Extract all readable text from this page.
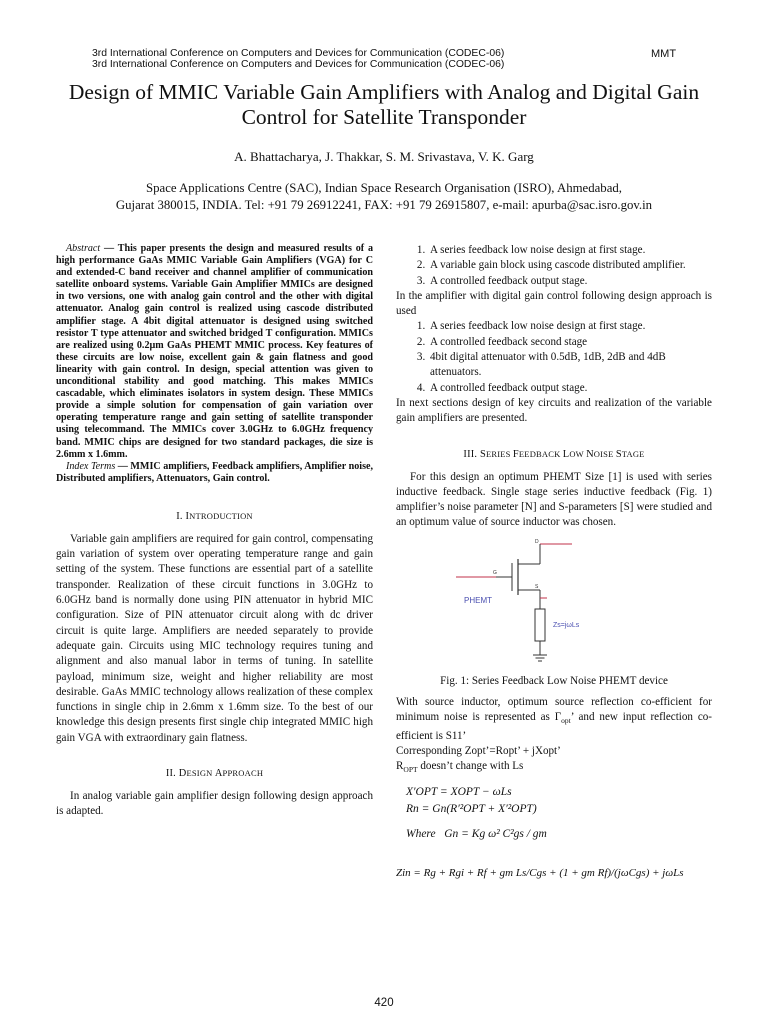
3rd International Conference on Computers and Devices for Communication (CODEC-06)
3rd International Conference on Computers and Devices for Communication (CODEC-06)
MMT
Design of MMIC Variable Gain Amplifiers with Analog and Digital Gain Control for Satellite Transponder
A. Bhattacharya, J. Thakkar, S. M. Srivastava, V. K. Garg
Space Applications Centre (SAC), Indian Space Research Organisation (ISRO), Ahmedabad,
Gujarat 380015, INDIA. Tel: +91 79 26912241, FAX: +91 79 26915807, e-mail: apurba@sac.isro.gov.in

Abstract — This paper presents the design and measured results of a high performance GaAs MMIC Variable Gain Amplifiers (VGA) for C and extended-C band receiver and channel amplifier of communication satellite onboard systems. Variable Gain Amplifier MMICs are designed in two versions, one with analog gain control and the other with digital attenuator. Analog gain control is realized using cascode distributed amplifier stage. A 4bit digital attenuator is designed using switched resistor T type attenuator and switched bridged T configuration. MMICs are realized using 0.2µm GaAs PHEMT MMIC process. Key features of these circuits are low noise, excellent gain & gain flatness and good linearity with gain control. In design, special attention was given to unconditional stability and good matching. This makes MMICs cascadable, which eliminates isolators in system design. These MMICs provide a simple solution for compensation of gain variation over operating temperature range and gain setting of satellite transponder using telecommand. The MMICs cover 3.0GHz to 6.0GHz frequency band. MMIC chips are designed for two standard packages, die size is 2.6mm x 1.6mm.

Index Terms — MMIC amplifiers, Feedback amplifiers, Amplifier noise, Distributed amplifiers, Attenuators, Gain control.

I. INTRODUCTION

Variable gain amplifiers are required for gain control, compensating gain variation of system over operating temperature range and gain setting of the system. These functions are essential part of a satellite transponder. Realization of these circuit functions in 3.0GHz to 6.0GHz band is normally done using PIN attenuator in hybrid MIC configuration. Size of PIN attenuator circuit along with dc driver circuit is quite large. Amplifiers are needed separately to provide adequate gain. Circuits using MIC technology requires tuning and alignment and also manual labor in terms of tuning. In satellite payload, minimum size, weight and higher reliability are most desirable. GaAs MMIC technology allows realization of these complex functions in single chip in 2.6mm x 1.6mm size. To the best of our knowledge this design presents first single chip integrated MMIC high gain VGA with extraordinary gain flatness.

II. DESIGN APPROACH

In analog variable gain amplifier design following design approach is adapted.

1. A series feedback low noise design at first stage.
2. A variable gain block using cascode distributed amplifier.
3. A controlled feedback output stage.

In the amplifier with digital gain control following design approach is used

1. A series feedback low noise design at first stage.
2. A controlled feedback second stage
3. 4bit digital attenuator with 0.5dB, 1dB, 2dB and 4dB attenuators.
4. A controlled feedback output stage.

In next sections design of key circuits and realization of the variable gain amplifiers are presented.

III. SERIES FEEDBACK LOW NOISE STAGE

For this design an optimum PHEMT Size [1] is used with series inductive feedback. Single stage series inductive feedback (Fig. 1) amplifier’s noise parameter [N] and S-parameters [S] were studied and an optimum value of source inductor was chosen.

D
G
PHEMT
S
Zs=jωLs

Fig. 1: Series Feedback Low Noise PHEMT device

With source inductor, optimum source reflection co-efficient for minimum noise is represented as $\Gamma_{opt}$’ and new input reflection co-efficient is S11’

Corresponding Zopt’=Ropt’ + jXopt’

$R_{OPT}$ doesn’t change with Ls

X′OPT = XOPT − ωLs
Rn = Gn(R′²OPT + X′²OPT)
Where Gn = Kg ω² C²gs / gm
Zin = Rg + Rgi + Rf + gm Ls/Cgs + (1 + gm Rf)/(jωCgs) + jωLs
420
